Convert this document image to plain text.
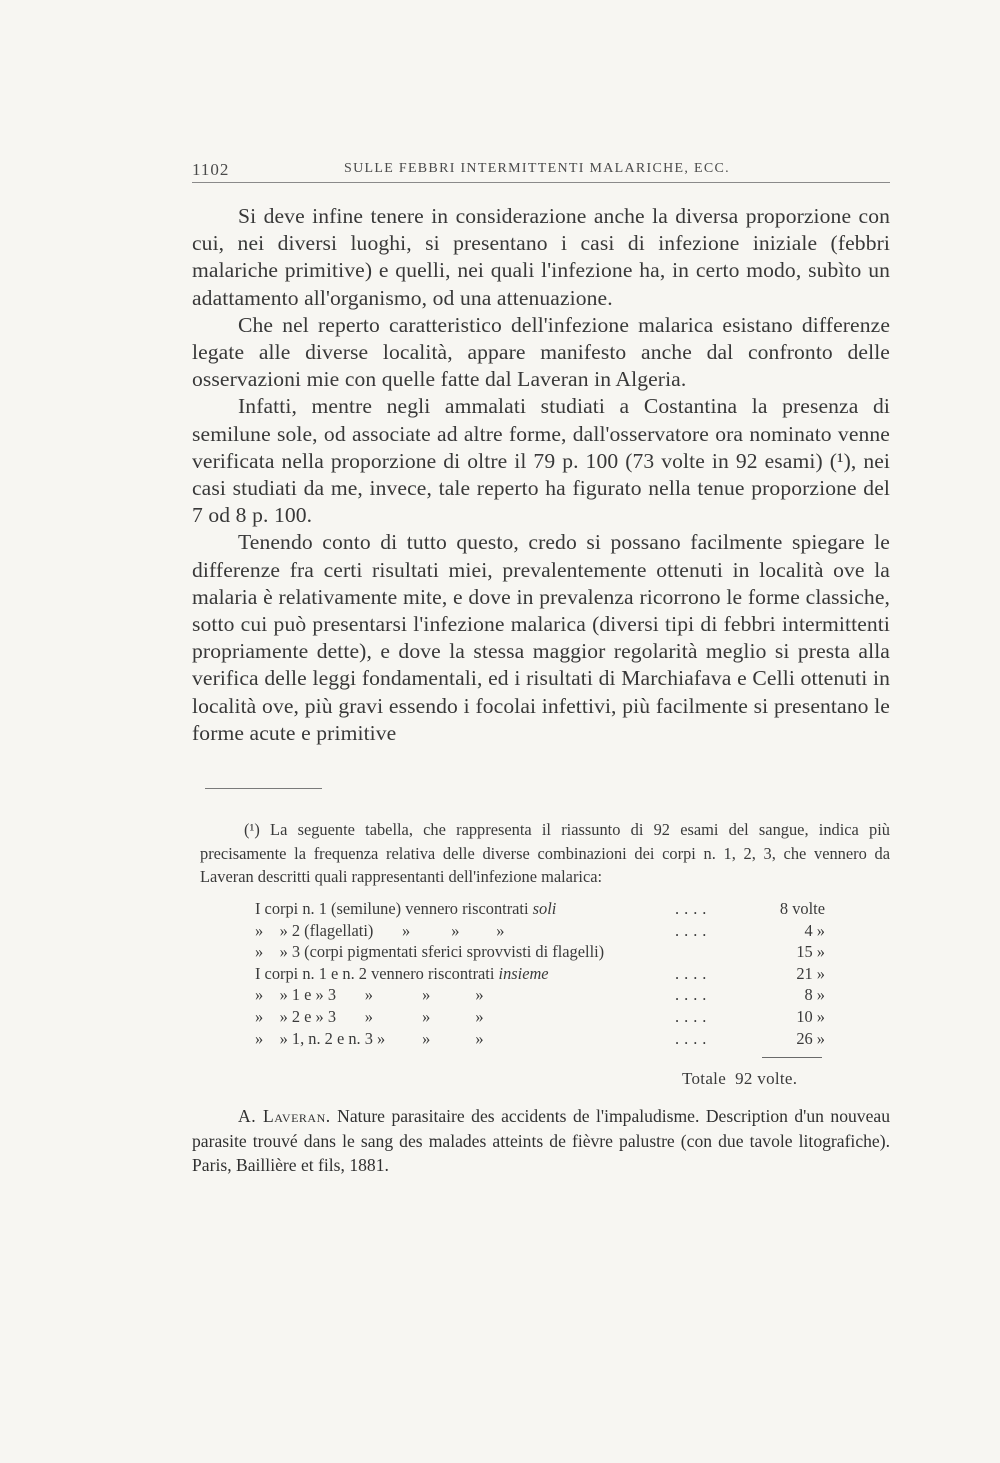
1102	SULLE FEBBRI INTERMITTENTI MALARICHE, ECC.

Si deve infine tenere in considerazione anche la diversa proporzione con cui, nei diversi luoghi, si presentano i casi di infezione iniziale (febbri malariche primitive) e quelli, nei quali l'infezione ha, in certo modo, subìto un adattamento all'organismo, od una attenuazione.

Che nel reperto caratteristico dell'infezione malarica esistano differenze legate alle diverse località, appare manifesto anche dal confronto delle osservazioni mie con quelle fatte dal Laveran in Algeria.

Infatti, mentre negli ammalati studiati a Costantina la presenza di semilune sole, od associate ad altre forme, dall'osservatore ora nominato venne verificata nella proporzione di oltre il 79 p. 100 (73 volte in 92 esami) (¹), nei casi studiati da me, invece, tale reperto ha figurato nella tenue proporzione del 7 od 8 p. 100.

Tenendo conto di tutto questo, credo si possano facilmente spiegare le differenze fra certi risultati miei, prevalentemente ottenuti in località ove la malaria è relativamente mite, e dove in prevalenza ricorrono le forme classiche, sotto cui può presentarsi l'infezione malarica (diversi tipi di febbri intermittenti propriamente dette), e dove la stessa maggior regolarità meglio si presta alla verifica delle leggi fondamentali, ed i risultati di Marchiafava e Celli ottenuti in località ove, più gravi essendo i focolai infettivi, più facilmente si presentano le forme acute e primitive

(¹) La seguente tabella, che rappresenta il riassunto di 92 esami del sangue, indica più precisamente la frequenza relativa delle diverse combinazioni dei corpi n. 1, 2, 3, che vennero da Laveran descritti quali rappresentanti dell'infezione malarica:
I corpi n. 1 (semilune) vennero riscontrati soli	....	8 volte
»    » 2 (flagellati)       »          »         »	....	4 »
»    » 3 (corpi pigmentati sferici sprovvisti di flagelli)	15 »
I corpi n. 1 e n. 2 vennero riscontrati insieme	....	21 »
»    » 1 e » 3       »            »           »	....	8 »
»    » 2 e » 3       »            »           »	....	10 »
»    » 1, n. 2 e n. 3 »         »           »	....	26 »
Totale  92 volte.
A. Laveran. Nature parasitaire des accidents de l'impaludisme. Description d'un nouveau parasite trouvé dans le sang des malades atteints de fièvre palustre (con due tavole litografiche). Paris, Baillière et fils, 1881.
